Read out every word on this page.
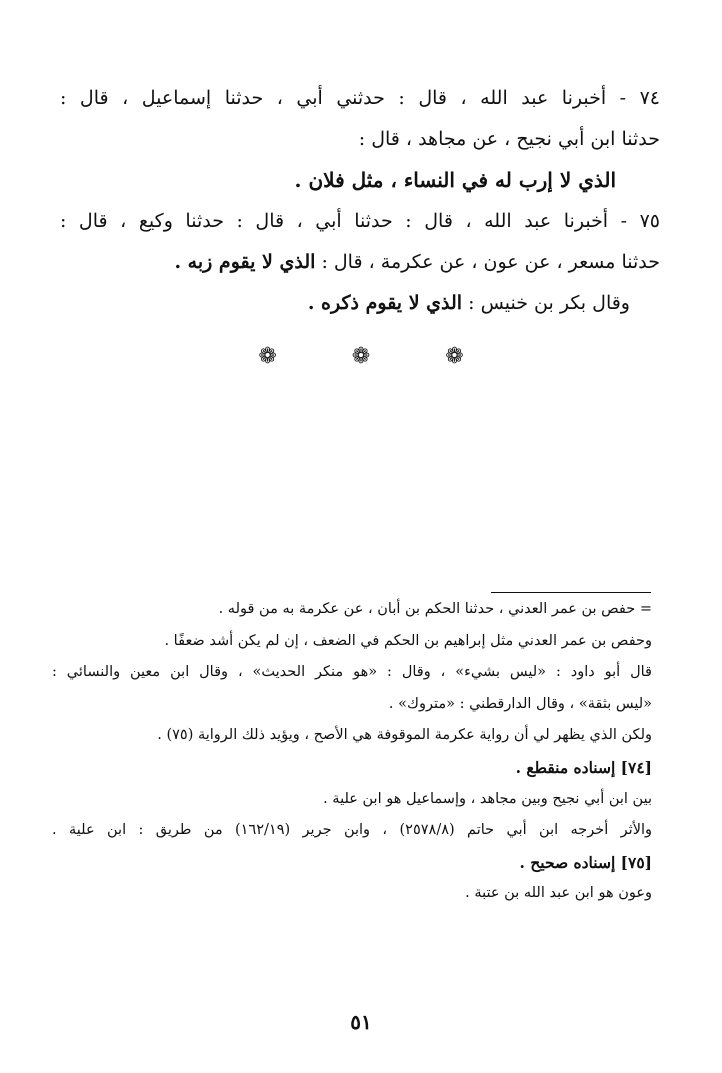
٧٤ - أخبرنا عبد الله ، قال : حدثني أبي ، حدثنا إسماعيل ، قال :
حدثنا ابن أبي نجيح ، عن مجاهد ، قال :
الذي لا إرب له في النساء ، مثل فلان .
٧٥ - أخبرنا عبد الله ، قال : حدثنا أبي ، قال : حدثنا وكيع ، قال :
حدثنا مسعر ، عن عون ، عن عكرمة ، قال : الذي لا يقوم زبه .
وقال بكر بن خنيس : الذي لا يقوم ذكره .
❁ ❁ ❁
= حفص بن عمر العدني ، حدثنا الحكم بن أبان ، عن عكرمة به من قوله .
وحفص بن عمر العدني مثل إبراهيم بن الحكم في الضعف ، إن لم يكن أشد ضعفًا .
قال أبو داود : «ليس بشيء» ، وقال : «هو منكر الحديث» ، وقال ابن معين والنسائي :
«ليس بثقة» ، وقال الدارقطني : «متروك» .
ولكن الذي يظهر لي أن رواية عكرمة الموقوفة هي الأصح ، ويؤيد ذلك الرواية (٧٥) .
[٧٤] إسناده منقطع .
بين ابن أبي نجيح وبين مجاهد ، وإسماعيل هو ابن علية .
والأثر أخرجه ابن أبي حاتم (٢٥٧٨/٨) ، وابن جرير (١٦٢/١٩) من طريق : ابن علية .
[٧٥] إسناده صحيح .
وعون هو ابن عبد الله بن عتبة .
٥١
